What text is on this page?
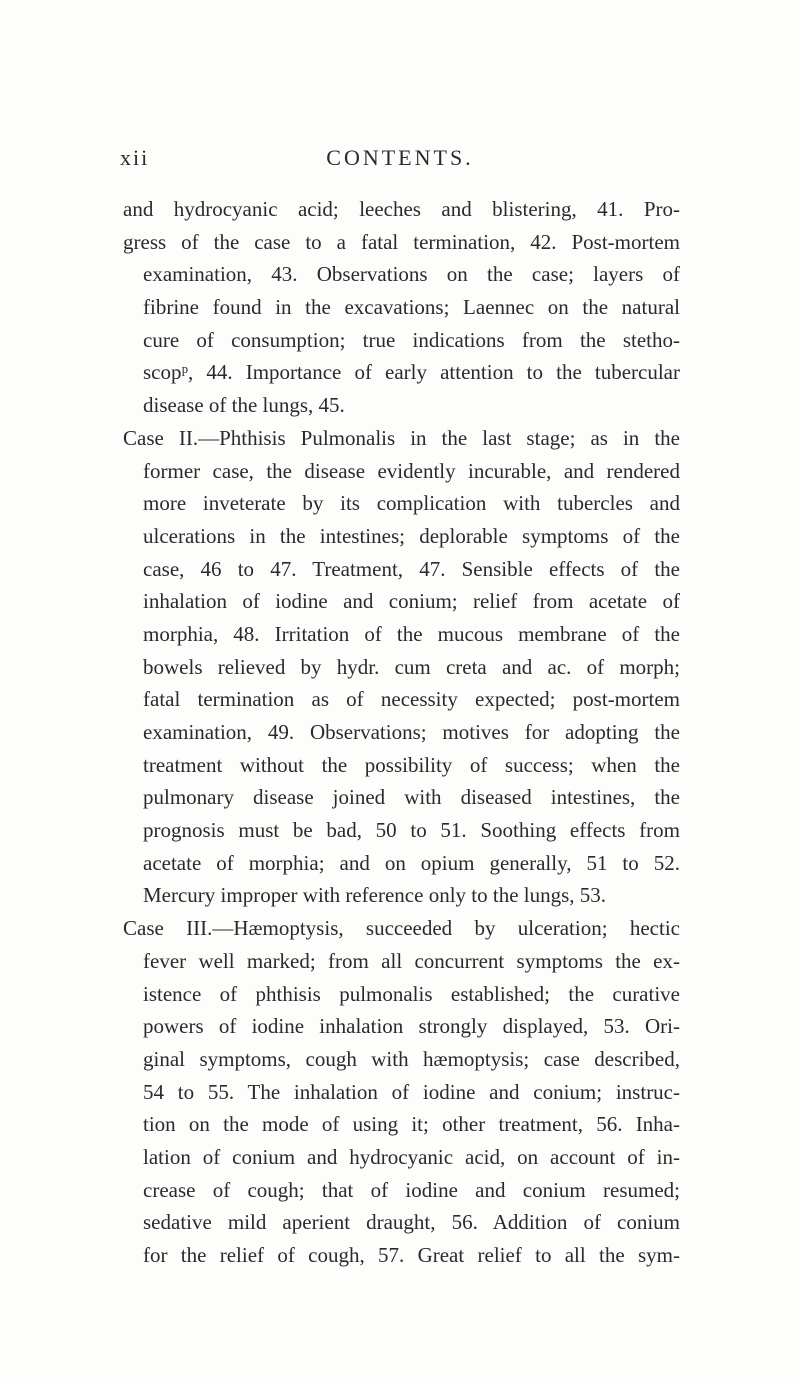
xii	CONTENTS.
and hydrocyanic acid; leeches and blistering, 41. Pro-
gress of the case to a fatal termination, 42. Post-mortem
examination, 43. Observations on the case; layers of
fibrine found in the excavations; Laennec on the natural
cure of consumption; true indications from the stetho-
scopᵖ, 44. Importance of early attention to the tubercular
disease of the lungs, 45.
Case II.—Phthisis Pulmonalis in the last stage; as in the
former case, the disease evidently incurable, and rendered
more inveterate by its complication with tubercles and
ulcerations in the intestines; deplorable symptoms of the
case, 46 to 47. Treatment, 47. Sensible effects of the
inhalation of iodine and conium; relief from acetate of
morphia, 48. Irritation of the mucous membrane of the
bowels relieved by hydr. cum creta and ac. of morph;
fatal termination as of necessity expected; post-mortem
examination, 49. Observations; motives for adopting the
treatment without the possibility of success; when the
pulmonary disease joined with diseased intestines, the
prognosis must be bad, 50 to 51. Soothing effects from
acetate of morphia; and on opium generally, 51 to 52.
Mercury improper with reference only to the lungs, 53.
Case III.—Hæmoptysis, succeeded by ulceration; hectic
fever well marked; from all concurrent symptoms the ex-
istence of phthisis pulmonalis established; the curative
powers of iodine inhalation strongly displayed, 53. Ori-
ginal symptoms, cough with hæmoptysis; case described,
54 to 55. The inhalation of iodine and conium; instruc-
tion on the mode of using it; other treatment, 56. Inha-
lation of conium and hydrocyanic acid, on account of in-
crease of cough; that of iodine and conium resumed;
sedative mild aperient draught, 56. Addition of conium
for the relief of cough, 57. Great relief to all the sym-
